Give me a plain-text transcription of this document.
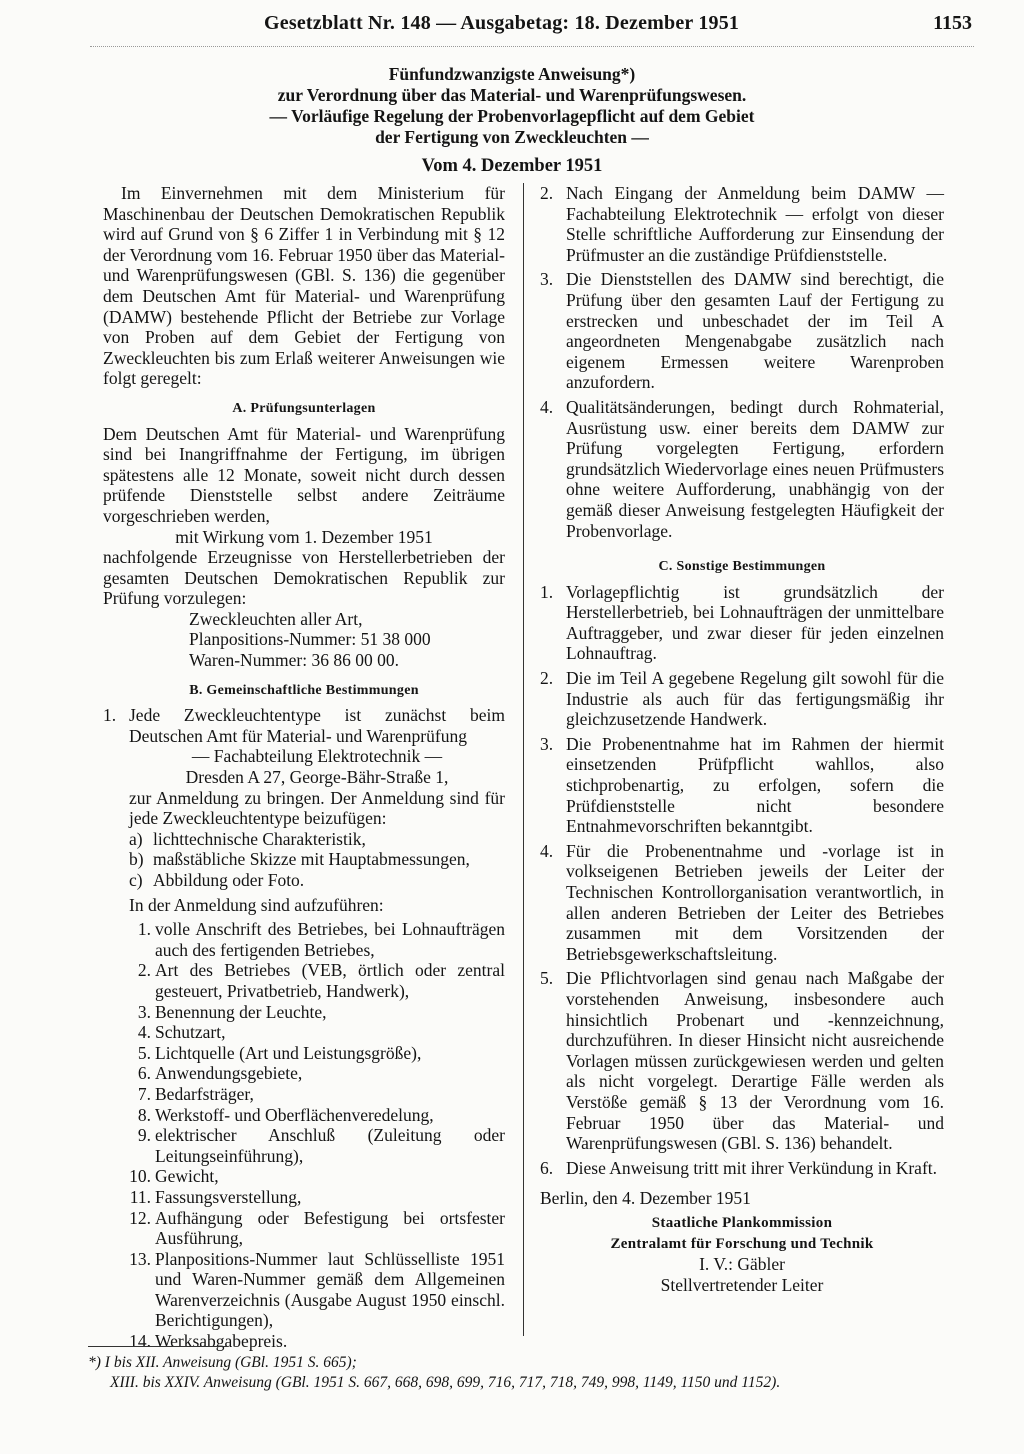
Gesetzblatt Nr. 148 — Ausgabetag: 18. Dezember 1951	1153
Fünfundzwanzigste Anweisung*)
zur Verordnung über das Material- und Warenprüfungswesen.
— Vorläufige Regelung der Probenvorlagepflicht auf dem Gebiet
der Fertigung von Zweckleuchten —
Vom 4. Dezember 1951

Im Einvernehmen mit dem Ministerium für Maschinenbau der Deutschen Demokratischen Republik wird auf Grund von § 6 Ziffer 1 in Verbindung mit § 12 der Verordnung vom 16. Februar 1950 über das Material- und Warenprüfungswesen (GBl. S. 136) die gegenüber dem Deutschen Amt für Material- und Warenprüfung (DAMW) bestehende Pflicht der Betriebe zur Vorlage von Proben auf dem Gebiet der Fertigung von Zweckleuchten bis zum Erlaß weiterer Anweisungen wie folgt geregelt:

A. Prüfungsunterlagen

Dem Deutschen Amt für Material- und Warenprüfung sind bei Inangriffnahme der Fertigung, im übrigen spätestens alle 12 Monate, soweit nicht durch dessen prüfende Dienststelle selbst andere Zeiträume vorgeschrieben werden,

mit Wirkung vom 1. Dezember 1951

nachfolgende Erzeugnisse von Herstellerbetrieben der gesamten Deutschen Demokratischen Republik zur Prüfung vorzulegen:

Zweckleuchten aller Art,
Planpositions-Nummer: 51 38 000
Waren-Nummer: 36 86 00 00.
B. Gemeinschaftliche Bestimmungen
1. Jede Zweckleuchtentype ist zunächst beim Deutschen Amt für Material- und Warenprüfung

— Fachabteilung Elektrotechnik —

Dresden A 27, George-Bähr-Straße 1,

zur Anmeldung zu bringen. Der Anmeldung sind für jede Zweckleuchtentype beizufügen:

a) lichttechnische Charakteristik,
b) maßstäbliche Skizze mit Hauptabmessungen,
c) Abbildung oder Foto.

In der Anmeldung sind aufzuführen:

1. volle Anschrift des Betriebes, bei Lohnaufträgen auch des fertigenden Betriebes,
2. Art des Betriebes (VEB, örtlich oder zentral gesteuert, Privatbetrieb, Handwerk),
3. Benennung der Leuchte,
4. Schutzart,
5. Lichtquelle (Art und Leistungsgröße),
6. Anwendungsgebiete,
7. Bedarfsträger,
8. Werkstoff- und Oberflächenveredelung,
9. elektrischer Anschluß (Zuleitung oder Leitungseinführung),
10. Gewicht,
11. Fassungsverstellung,
12. Aufhängung oder Befestigung bei ortsfester Ausführung,
13. Planpositions-Nummer laut Schlüsselliste 1951 und Waren-Nummer gemäß dem Allgemeinen Warenverzeichnis (Ausgabe August 1950 einschl. Berichtigungen),
14. Werksabgabepreis.
2. Nach Eingang der Anmeldung beim DAMW — Fachabteilung Elektrotechnik — erfolgt von dieser Stelle schriftliche Aufforderung zur Einsendung der Prüfmuster an die zuständige Prüfdienststelle.
3. Die Dienststellen des DAMW sind berechtigt, die Prüfung über den gesamten Lauf der Fertigung zu erstrecken und unbeschadet der im Teil A angeordneten Mengenabgabe zusätzlich nach eigenem Ermessen weitere Warenproben anzufordern.
4. Qualitätsänderungen, bedingt durch Rohmaterial, Ausrüstung usw. einer bereits dem DAMW zur Prüfung vorgelegten Fertigung, erfordern grundsätzlich Wiedervorlage eines neuen Prüfmusters ohne weitere Aufforderung, unabhängig von der gemäß dieser Anweisung festgelegten Häufigkeit der Probenvorlage.
C. Sonstige Bestimmungen
1. Vorlagepflichtig ist grundsätzlich der Herstellerbetrieb, bei Lohnaufträgen der unmittelbare Auftraggeber, und zwar dieser für jeden einzelnen Lohnauftrag.
2. Die im Teil A gegebene Regelung gilt sowohl für die Industrie als auch für das fertigungsmäßig ihr gleichzusetzende Handwerk.
3. Die Probenentnahme hat im Rahmen der hiermit einsetzenden Prüfpflicht wahllos, also stichprobenartig, zu erfolgen, sofern die Prüfdienststelle nicht besondere Entnahmevorschriften bekanntgibt.
4. Für die Probenentnahme und -vorlage ist in volkseigenen Betrieben jeweils der Leiter der Technischen Kontrollorganisation verantwortlich, in allen anderen Betrieben der Leiter des Betriebes zusammen mit dem Vorsitzenden der Betriebsgewerkschaftsleitung.
5. Die Pflichtvorlagen sind genau nach Maßgabe der vorstehenden Anweisung, insbesondere auch hinsichtlich Probenart und -kennzeichnung, durchzuführen. In dieser Hinsicht nicht ausreichende Vorlagen müssen zurückgewiesen werden und gelten als nicht vorgelegt. Derartige Fälle werden als Verstöße gemäß § 13 der Verordnung vom 16. Februar 1950 über das Material- und Warenprüfungswesen (GBl. S. 136) behandelt.
6. Diese Anweisung tritt mit ihrer Verkündung in Kraft.

Berlin, den 4. Dezember 1951

Staatliche Plankommission
Zentralamt für Forschung und Technik
I. V.: Gäbler
Stellvertretender Leiter
*) I bis XII. Anweisung (GBl. 1951 S. 665);
XIII. bis XXIV. Anweisung (GBl. 1951 S. 667, 668, 698, 699, 716, 717, 718, 749, 998, 1149, 1150 und 1152).
